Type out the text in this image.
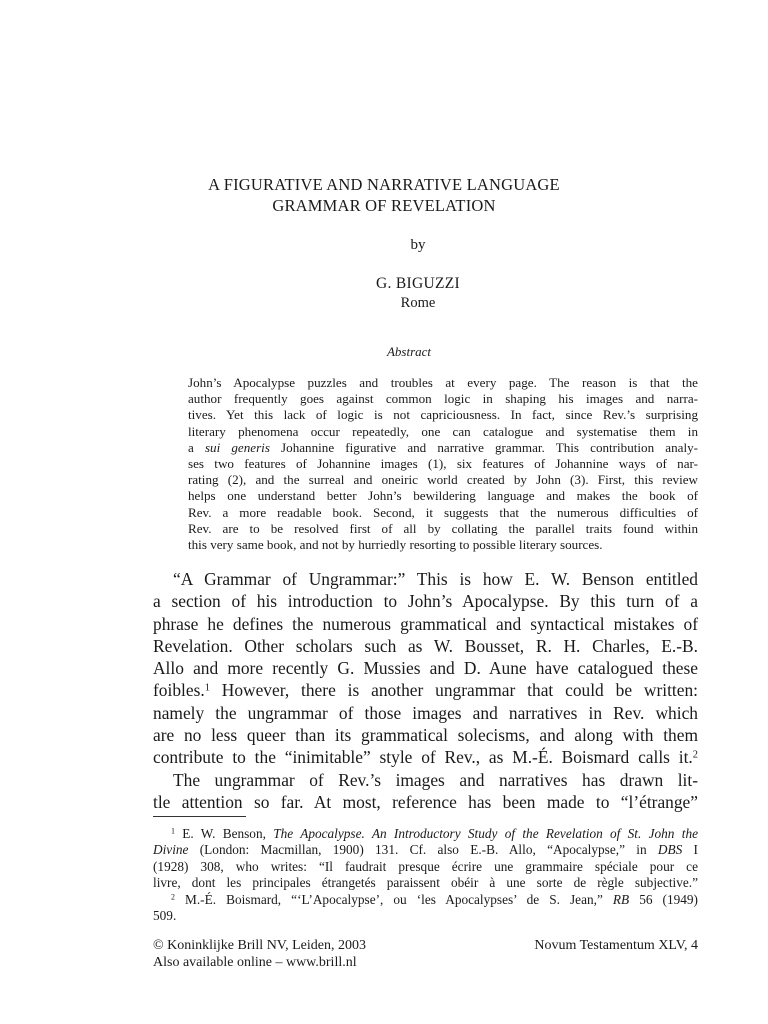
A FIGURATIVE AND NARRATIVE LANGUAGE
GRAMMAR OF REVELATION
by
G. BIGUZZI
Rome
Abstract
John’s Apocalypse puzzles and troubles at every page. The reason is that the
author frequently goes against common logic in shaping his images and narra-
tives. Yet this lack of logic is not capriciousness. In fact, since Rev.’s surprising
literary phenomena occur repeatedly, one can catalogue and systematise them in
a sui generis Johannine figurative and narrative grammar. This contribution analy-
ses two features of Johannine images (1), six features of Johannine ways of nar-
rating (2), and the surreal and oneiric world created by John (3). First, this review
helps one understand better John’s bewildering language and makes the book of
Rev. a more readable book. Second, it suggests that the numerous difficulties of
Rev. are to be resolved first of all by collating the parallel traits found within
this very same book, and not by hurriedly resorting to possible literary sources.
“A Grammar of Ungrammar:” This is how E. W. Benson entitled
a section of his introduction to John’s Apocalypse. By this turn of a
phrase he defines the numerous grammatical and syntactical mistakes of
Revelation. Other scholars such as W. Bousset, R. H. Charles, E.-B.
Allo and more recently G. Mussies and D. Aune have catalogued these
foibles.$^1$ However, there is another ungrammar that could be written:
namely the ungrammar of those images and narratives in Rev. which
are no less queer than its grammatical solecisms, and along with them
contribute to the “inimitable” style of Rev., as M.-É. Boismard calls it.$^2$
The ungrammar of Rev.’s images and narratives has drawn lit-
tle attention so far. At most, reference has been made to “l’étrange”
$^1$ E. W. Benson, The Apocalypse. An Introductory Study of the Revelation of St. John the
Divine (London: Macmillan, 1900) 131. Cf. also E.-B. Allo, “Apocalypse,” in DBS I
(1928) 308, who writes: “Il faudrait presque écrire une grammaire spéciale pour ce
livre, dont les principales étrangetés paraissent obéir à une sorte de règle subjective.”
$^2$ M.-É. Boismard, “‘L’Apocalypse’, ou ‘les Apocalypses’ de S. Jean,” RB 56 (1949)
509.
© Koninklijke Brill NV, Leiden, 2003	Novum Testamentum XLV, 4
Also available online – www.brill.nl
